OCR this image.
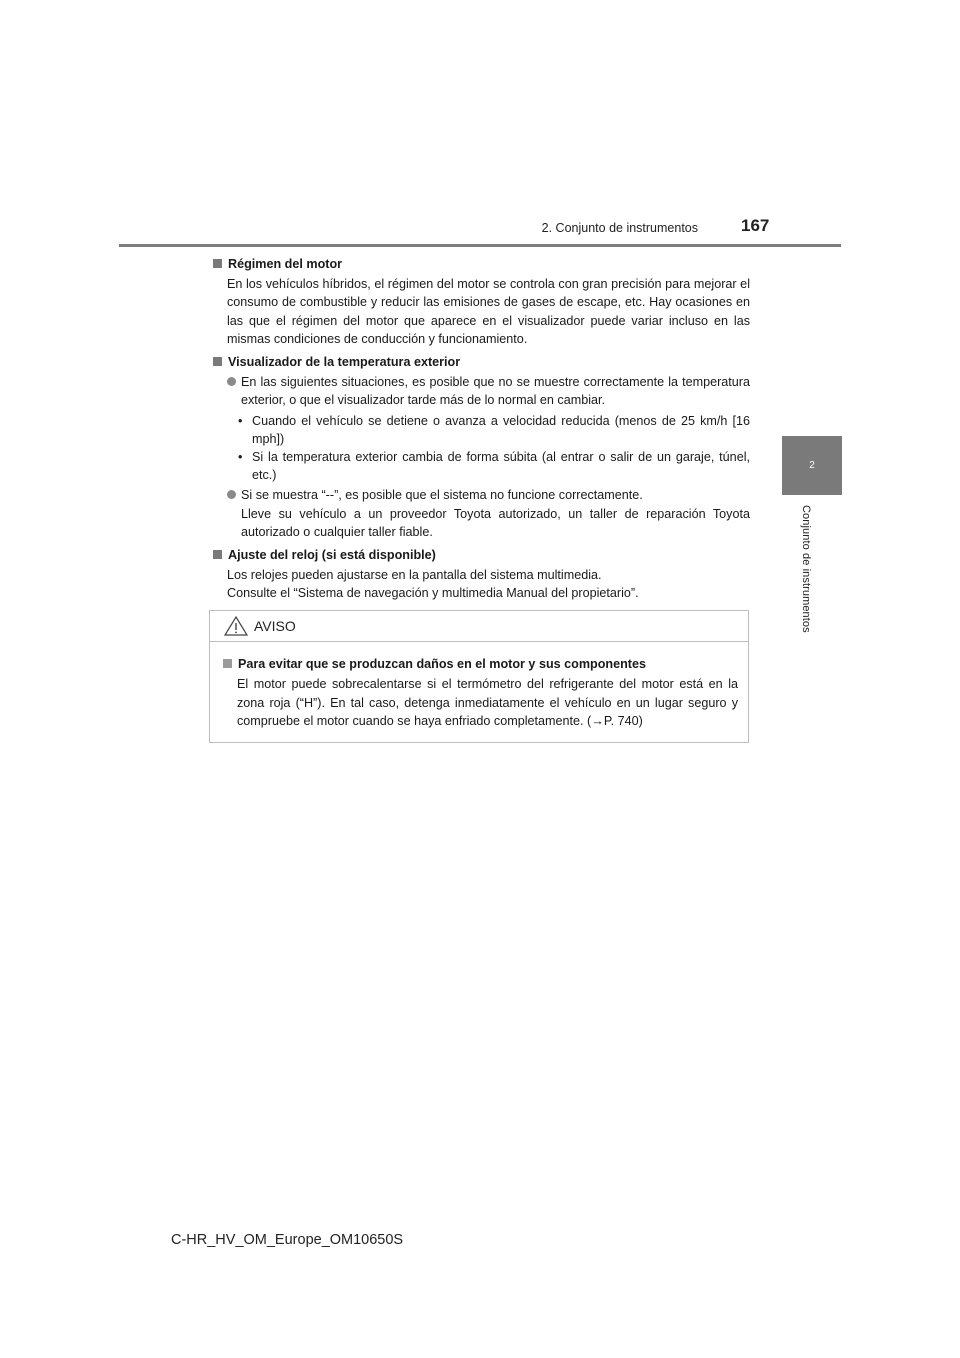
2. Conjunto de instrumentos	167
2
Conjunto de instrumentos
Régimen del motor
En los vehículos híbridos, el régimen del motor se controla con gran precisión para mejorar el consumo de combustible y reducir las emisiones de gases de escape, etc. Hay ocasiones en las que el régimen del motor que aparece en el visualizador puede variar incluso en las mismas condiciones de conducción y funcionamiento.
Visualizador de la temperatura exterior
En las siguientes situaciones, es posible que no se muestre correctamente la temperatura exterior, o que el visualizador tarde más de lo normal en cambiar.
• Cuando el vehículo se detiene o avanza a velocidad reducida (menos de 25 km/h [16 mph])
• Si la temperatura exterior cambia de forma súbita (al entrar o salir de un garaje, túnel, etc.)
Si se muestra “--”, es posible que el sistema no funcione correctamente.
Lleve su vehículo a un proveedor Toyota autorizado, un taller de reparación Toyota autorizado o cualquier taller fiable.
Ajuste del reloj (si está disponible)
Los relojes pueden ajustarse en la pantalla del sistema multimedia.
Consulte el “Sistema de navegación y multimedia Manual del propietario”.
AVISO
Para evitar que se produzcan daños en el motor y sus componentes
El motor puede sobrecalentarse si el termómetro del refrigerante del motor está en la zona roja (“H”). En tal caso, detenga inmediatamente el vehículo en un lugar seguro y compruebe el motor cuando se haya enfriado completamente. (→P. 740)
C-HR_HV_OM_Europe_OM10650S
